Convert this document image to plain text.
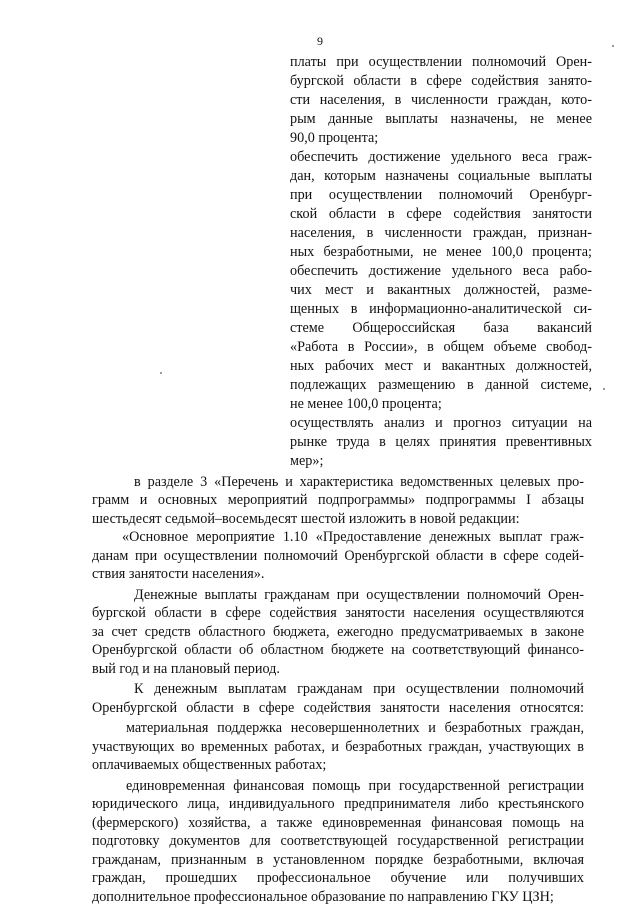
9
платы при осуществлении полномочий Орен-
бургской области в сфере содействия занято-
сти населения, в численности граждан, кото-
рым данные выплаты назначены, не менее
90,0 процента;
обеспечить достижение удельного веса граж-
дан, которым назначены социальные выплаты
при осуществлении полномочий Оренбург-
ской области в сфере содействия занятости
населения, в численности граждан, признан-
ных безработными, не менее 100,0 процента;
обеспечить достижение удельного веса рабо-
чих мест и вакантных должностей, разме-
щенных в информационно-аналитической си-
стеме Общероссийская база вакансий
«Работа в России», в общем объеме свобод-
ных рабочих мест и вакантных должностей,
подлежащих размещению в данной системе,
не менее 100,0 процента;
осуществлять анализ и прогноз ситуации на
рынке труда в целях принятия превентивных
мер»;
в разделе 3 «Перечень и характеристика ведомственных целевых про-
грамм и основных мероприятий подпрограммы» подпрограммы I абзацы
шестьдесят седьмой–восемьдесят шестой изложить в новой редакции:
«Основное мероприятие 1.10 «Предоставление денежных выплат граж-
данам при осуществлении полномочий Оренбургской области в сфере содей-
ствия занятости населения».
Денежные выплаты гражданам при осуществлении полномочий Орен-
бургской области в сфере содействия занятости населения осуществляются
за счет средств областного бюджета, ежегодно предусматриваемых в законе
Оренбургской области об областном бюджете на соответствующий финансо-
вый год и на плановый период.
К денежным выплатам гражданам при осуществлении полномочий
Оренбургской области в сфере содействия занятости населения относятся:
материальная поддержка несовершеннолетних и безработных граждан,
участвующих во временных работах, и безработных граждан, участвующих в
оплачиваемых общественных работах;
единовременная финансовая помощь при государственной регистрации
юридического лица, индивидуального предпринимателя либо крестьянского
(фермерского) хозяйства, а также единовременная финансовая помощь на
подготовку документов для соответствующей государственной регистрации
гражданам, признанным в установленном порядке безработными, включая
граждан, прошедших профессиональное обучение или получивших
дополнительное профессиональное образование по направлению ГКУ ЦЗН;
